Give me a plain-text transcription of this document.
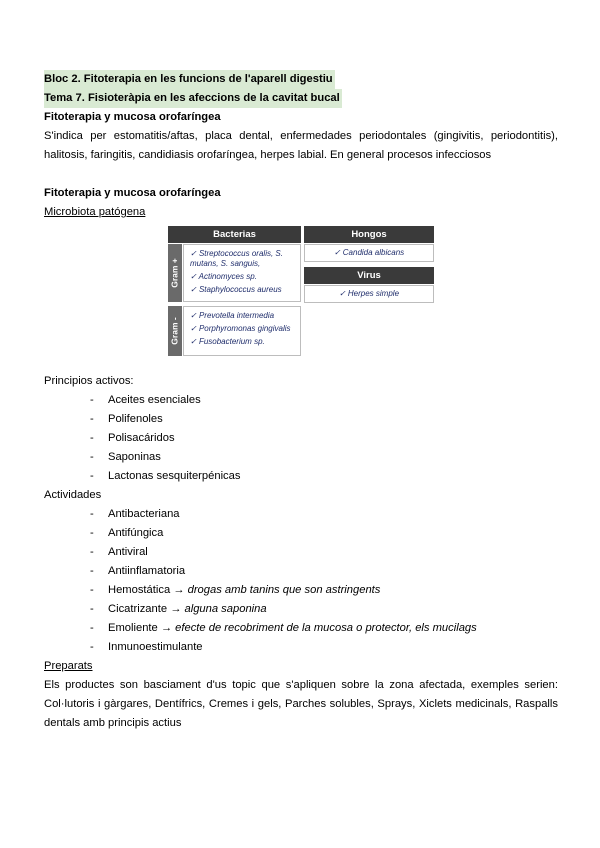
Bloc 2. Fitoterapia en les funcions de l'aparell digestiu
Tema 7. Fisioteràpia en les afeccions de la cavitat bucal
Fitoterapia y mucosa orofaríngea
S'indica per estomatitis/aftas, placa dental, enfermedades periodontales (gingivitis, periodontitis), halitosis, faringitis, candidiasis orofaríngea, herpes labial. En general procesos infecciosos
Fitoterapia y mucosa orofaríngea
Microbiota patógena
Bacterias
Gram +
✓ Streptococcus oralis, S. mutans, S. sanguis,
✓ Actinomyces sp.
✓ Staphylococcus aureus
Gram -
✓ Prevotella intermedia
✓ Porphyromonas gingivalis
✓ Fusobacterium sp.
Hongos
✓ Candida albicans
Virus
✓ Herpes simple
Principios activos:
- Aceites esenciales
- Polifenoles
- Polisacáridos
- Saponinas
- Lactonas sesquiterpénicas
Actividades
- Antibacteriana
- Antifúngica
- Antiviral
- Antiinflamatoria
- Hemostática → drogas amb tanins que son astringents
- Cicatrizante → alguna saponina
- Emoliente → efecte de recobriment de la mucosa o protector, els mucilags
- Inmunoestimulante
Preparats
Els productes son basciament d'us topic que s'apliquen sobre la zona afectada, exemples serien: Col·lutoris i gàrgares, Dentífrics, Cremes i gels, Parches solubles, Sprays, Xiclets medicinals, Raspalls dentals amb principis actius
